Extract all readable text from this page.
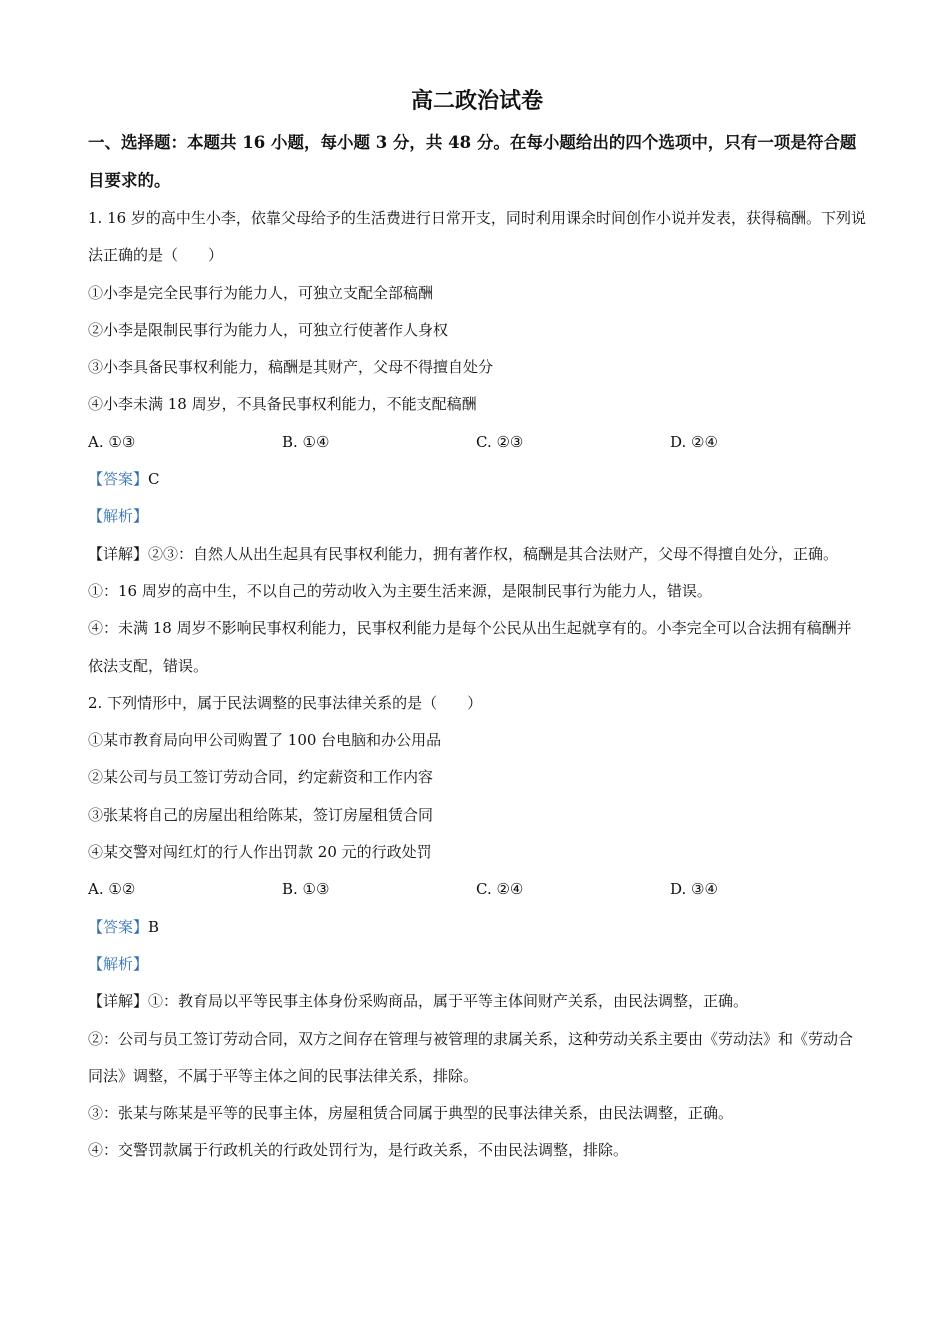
高二政治试卷
一、选择题：本题共 16 小题，每小题 3 分，共 48 分。在每小题给出的四个选项中，只有一项是符合题目要求的。
1. 16 岁的高中生小李，依靠父母给予的生活费进行日常开支，同时利用课余时间创作小说并发表，获得稿酬。下列说法正确的是（　　）
①小李是完全民事行为能力人，可独立支配全部稿酬
②小李是限制民事行为能力人，可独立行使著作人身权
③小李具备民事权利能力，稿酬是其财产，父母不得擅自处分
④小李未满 18 周岁，不具备民事权利能力，不能支配稿酬
A. ①③	B. ①④	C. ②③	D. ②④
【答案】C
【解析】
【详解】②③：自然人从出生起具有民事权利能力，拥有著作权，稿酬是其合法财产，父母不得擅自处分，正确。
①：16 周岁的高中生，不以自己的劳动收入为主要生活来源，是限制民事行为能力人，错误。
④：未满 18 周岁不影响民事权利能力，民事权利能力是每个公民从出生起就享有的。小李完全可以合法拥有稿酬并依法支配，错误。
2. 下列情形中，属于民法调整的民事法律关系的是（　　）
①某市教育局向甲公司购置了 100 台电脑和办公用品
②某公司与员工签订劳动合同，约定薪资和工作内容
③张某将自己的房屋出租给陈某，签订房屋租赁合同
④某交警对闯红灯的行人作出罚款 20 元的行政处罚
A. ①②	B. ①③	C. ②④	D. ③④
【答案】B
【解析】
【详解】①：教育局以平等民事主体身份采购商品，属于平等主体间财产关系，由民法调整，正确。
②：公司与员工签订劳动合同，双方之间存在管理与被管理的隶属关系，这种劳动关系主要由《劳动法》和《劳动合同法》调整，不属于平等主体之间的民事法律关系，排除。
③：张某与陈某是平等的民事主体，房屋租赁合同属于典型的民事法律关系，由民法调整，正确。
④：交警罚款属于行政机关的行政处罚行为，是行政关系，不由民法调整，排除。
